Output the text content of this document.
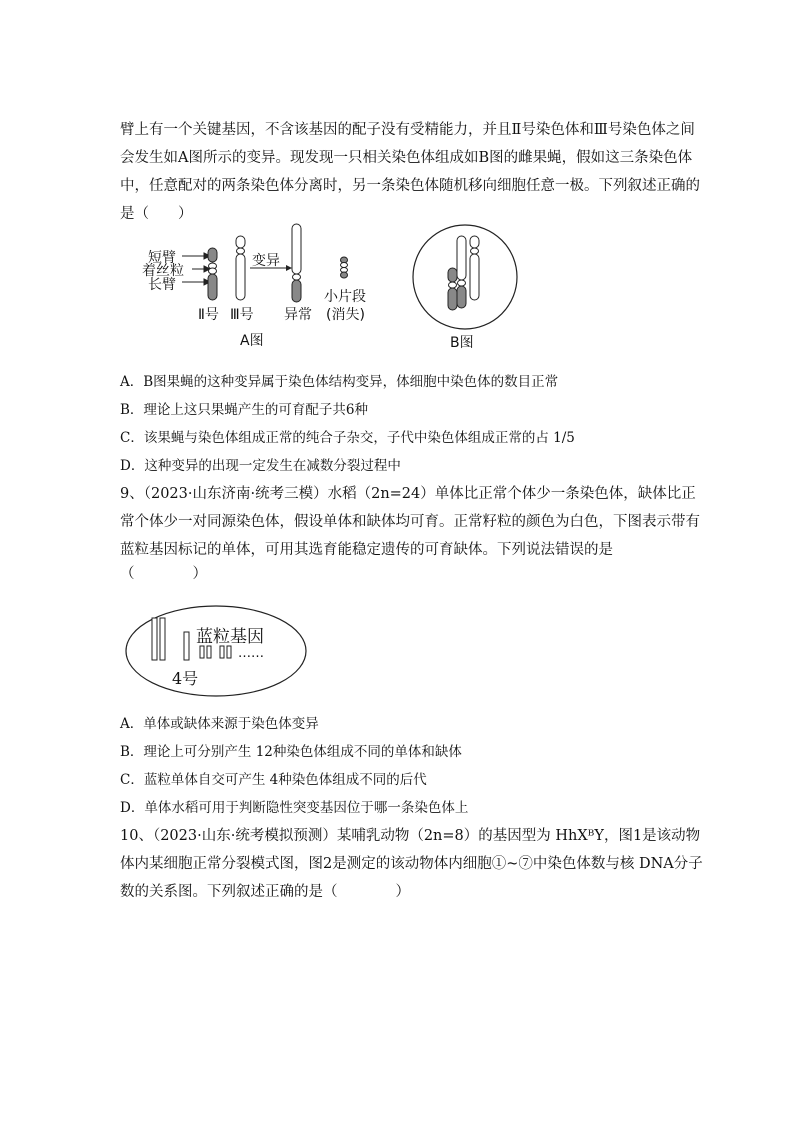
臂上有一个关键基因，不含该基因的配子没有受精能力，并且Ⅱ号染色体和Ⅲ号染色体之间
会发生如A图所示的变异。现发现一只相关染色体组成如B图的雌果蝇，假如这三条染色体
中，任意配对的两条染色体分离时，另一条染色体随机移向细胞任意一极。下列叙述正确的
是（　　）
短臂
着丝粒
长臂
变异
Ⅱ号 Ⅲ号 异常
小片段
(消失)
A图	B图
A．B图果蝇的这种变异属于染色体结构变异，体细胞中染色体的数目正常
B．理论上这只果蝇产生的可育配子共6种
C．该果蝇与染色体组成正常的纯合子杂交，子代中染色体组成正常的占 1/5
D．这种变异的出现一定发生在减数分裂过程中
9、（2023·山东济南·统考三模）水稻（2n=24）单体比正常个体少一条染色体，缺体比正
常个体少一对同源染色体，假设单体和缺体均可育。正常籽粒的颜色为白色，下图表示带有
蓝粒基因标记的单体，可用其选育能稳定遗传的可育缺体。下列说法错误的是
（　　　　）
蓝粒基因
……
4号
A．单体或缺体来源于染色体变异
B．理论上可分别产生 12种染色体组成不同的单体和缺体
C．蓝粒单体自交可产生 4种染色体组成不同的后代
D．单体水稻可用于判断隐性突变基因位于哪一条染色体上
10、（2023·山东·统考模拟预测）某哺乳动物（2n=8）的基因型为 HhXᴮY，图1是该动物
体内某细胞正常分裂模式图，图2是测定的该动物体内细胞①~⑦中染色体数与核 DNA分子
数的关系图。下列叙述正确的是（　　　　）
